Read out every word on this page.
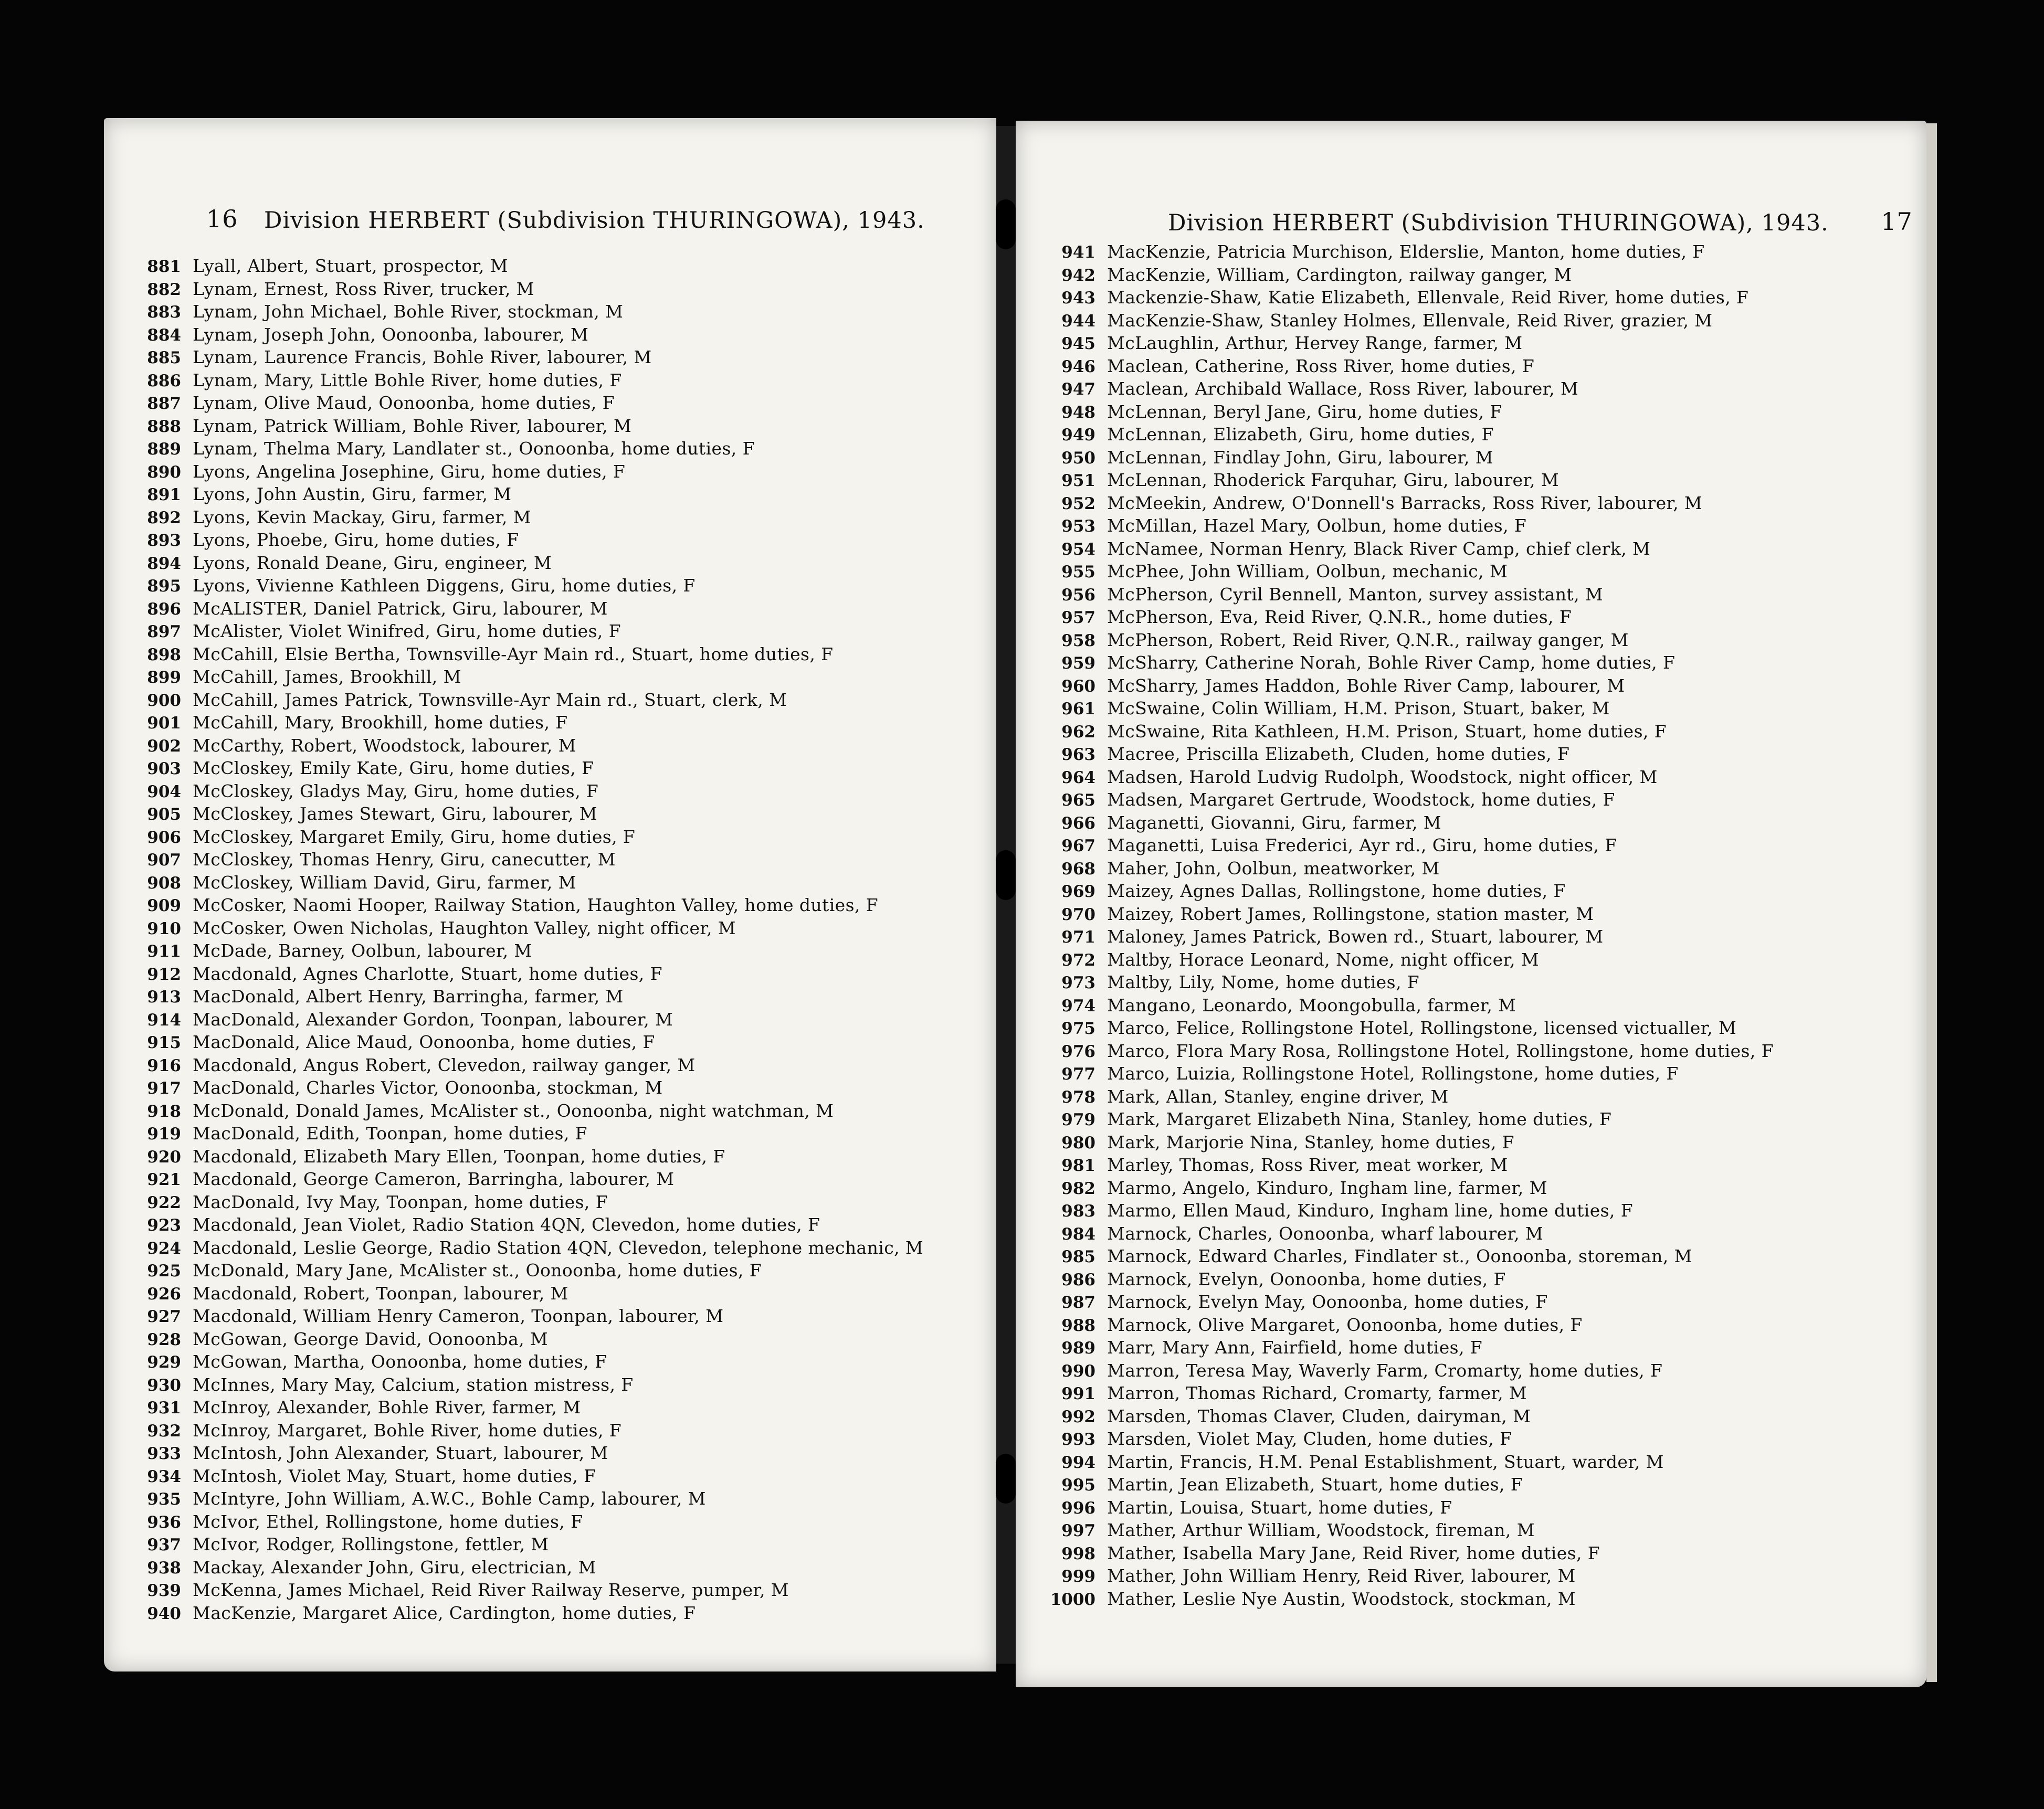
16 Division HERBERT (Subdivision THURINGOWA), 1943.
881 Lyall, Albert, Stuart, prospector, M
882 Lynam, Ernest, Ross River, trucker, M
883 Lynam, John Michael, Bohle River, stockman, M
884 Lynam, Joseph John, Oonoonba, labourer, M
885 Lynam, Laurence Francis, Bohle River, labourer, M
886 Lynam, Mary, Little Bohle River, home duties, F
887 Lynam, Olive Maud, Oonoonba, home duties, F
888 Lynam, Patrick William, Bohle River, labourer, M
889 Lynam, Thelma Mary, Landlater st., Oonoonba, home duties, F
890 Lyons, Angelina Josephine, Giru, home duties, F
891 Lyons, John Austin, Giru, farmer, M
892 Lyons, Kevin Mackay, Giru, farmer, M
893 Lyons, Phoebe, Giru, home duties, F
894 Lyons, Ronald Deane, Giru, engineer, M
895 Lyons, Vivienne Kathleen Diggens, Giru, home duties, F
896 McALISTER, Daniel Patrick, Giru, labourer, M
897 McAlister, Violet Winifred, Giru, home duties, F
898 McCahill, Elsie Bertha, Townsville-Ayr Main rd., Stuart, home duties, F
899 McCahill, James, Brookhill, M
900 McCahill, James Patrick, Townsville-Ayr Main rd., Stuart, clerk, M
901 McCahill, Mary, Brookhill, home duties, F
902 McCarthy, Robert, Woodstock, labourer, M
903 McCloskey, Emily Kate, Giru, home duties, F
904 McCloskey, Gladys May, Giru, home duties, F
905 McCloskey, James Stewart, Giru, labourer, M
906 McCloskey, Margaret Emily, Giru, home duties, F
907 McCloskey, Thomas Henry, Giru, canecutter, M
908 McCloskey, William David, Giru, farmer, M
909 McCosker, Naomi Hooper, Railway Station, Haughton Valley, home duties, F
910 McCosker, Owen Nicholas, Haughton Valley, night officer, M
911 McDade, Barney, Oolbun, labourer, M
912 Macdonald, Agnes Charlotte, Stuart, home duties, F
913 MacDonald, Albert Henry, Barringha, farmer, M
914 MacDonald, Alexander Gordon, Toonpan, labourer, M
915 MacDonald, Alice Maud, Oonoonba, home duties, F
916 Macdonald, Angus Robert, Clevedon, railway ganger, M
917 MacDonald, Charles Victor, Oonoonba, stockman, M
918 McDonald, Donald James, McAlister st., Oonoonba, night watchman, M
919 MacDonald, Edith, Toonpan, home duties, F
920 Macdonald, Elizabeth Mary Ellen, Toonpan, home duties, F
921 Macdonald, George Cameron, Barringha, labourer, M
922 MacDonald, Ivy May, Toonpan, home duties, F
923 Macdonald, Jean Violet, Radio Station 4QN, Clevedon, home duties, F
924 Macdonald, Leslie George, Radio Station 4QN, Clevedon, telephone mechanic, M
925 McDonald, Mary Jane, McAlister st., Oonoonba, home duties, F
926 Macdonald, Robert, Toonpan, labourer, M
927 Macdonald, William Henry Cameron, Toonpan, labourer, M
928 McGowan, George David, Oonoonba, M
929 McGowan, Martha, Oonoonba, home duties, F
930 McInnes, Mary May, Calcium, station mistress, F
931 McInroy, Alexander, Bohle River, farmer, M
932 McInroy, Margaret, Bohle River, home duties, F
933 McIntosh, John Alexander, Stuart, labourer, M
934 McIntosh, Violet May, Stuart, home duties, F
935 McIntyre, John William, A.W.C., Bohle Camp, labourer, M
936 McIvor, Ethel, Rollingstone, home duties, F
937 McIvor, Rodger, Rollingstone, fettler, M
938 Mackay, Alexander John, Giru, electrician, M
939 McKenna, James Michael, Reid River Railway Reserve, pumper, M
940 MacKenzie, Margaret Alice, Cardington, home duties, F
Division HERBERT (Subdivision THURINGOWA), 1943. 17
941 MacKenzie, Patricia Murchison, Elderslie, Manton, home duties, F
942 MacKenzie, William, Cardington, railway ganger, M
943 Mackenzie-Shaw, Katie Elizabeth, Ellenvale, Reid River, home duties, F
944 MacKenzie-Shaw, Stanley Holmes, Ellenvale, Reid River, grazier, M
945 McLaughlin, Arthur, Hervey Range, farmer, M
946 Maclean, Catherine, Ross River, home duties, F
947 Maclean, Archibald Wallace, Ross River, labourer, M
948 McLennan, Beryl Jane, Giru, home duties, F
949 McLennan, Elizabeth, Giru, home duties, F
950 McLennan, Findlay John, Giru, labourer, M
951 McLennan, Rhoderick Farquhar, Giru, labourer, M
952 McMeekin, Andrew, O'Donnell's Barracks, Ross River, labourer, M
953 McMillan, Hazel Mary, Oolbun, home duties, F
954 McNamee, Norman Henry, Black River Camp, chief clerk, M
955 McPhee, John William, Oolbun, mechanic, M
956 McPherson, Cyril Bennell, Manton, survey assistant, M
957 McPherson, Eva, Reid River, Q.N.R., home duties, F
958 McPherson, Robert, Reid River, Q.N.R., railway ganger, M
959 McSharry, Catherine Norah, Bohle River Camp, home duties, F
960 McSharry, James Haddon, Bohle River Camp, labourer, M
961 McSwaine, Colin William, H.M. Prison, Stuart, baker, M
962 McSwaine, Rita Kathleen, H.M. Prison, Stuart, home duties, F
963 Macree, Priscilla Elizabeth, Cluden, home duties, F
964 Madsen, Harold Ludvig Rudolph, Woodstock, night officer, M
965 Madsen, Margaret Gertrude, Woodstock, home duties, F
966 Maganetti, Giovanni, Giru, farmer, M
967 Maganetti, Luisa Frederici, Ayr rd., Giru, home duties, F
968 Maher, John, Oolbun, meatworker, M
969 Maizey, Agnes Dallas, Rollingstone, home duties, F
970 Maizey, Robert James, Rollingstone, station master, M
971 Maloney, James Patrick, Bowen rd., Stuart, labourer, M
972 Maltby, Horace Leonard, Nome, night officer, M
973 Maltby, Lily, Nome, home duties, F
974 Mangano, Leonardo, Moongobulla, farmer, M
975 Marco, Felice, Rollingstone Hotel, Rollingstone, licensed victualler, M
976 Marco, Flora Mary Rosa, Rollingstone Hotel, Rollingstone, home duties, F
977 Marco, Luizia, Rollingstone Hotel, Rollingstone, home duties, F
978 Mark, Allan, Stanley, engine driver, M
979 Mark, Margaret Elizabeth Nina, Stanley, home duties, F
980 Mark, Marjorie Nina, Stanley, home duties, F
981 Marley, Thomas, Ross River, meat worker, M
982 Marmo, Angelo, Kinduro, Ingham line, farmer, M
983 Marmo, Ellen Maud, Kinduro, Ingham line, home duties, F
984 Marnock, Charles, Oonoonba, wharf labourer, M
985 Marnock, Edward Charles, Findlater st., Oonoonba, storeman, M
986 Marnock, Evelyn, Oonoonba, home duties, F
987 Marnock, Evelyn May, Oonoonba, home duties, F
988 Marnock, Olive Margaret, Oonoonba, home duties, F
989 Marr, Mary Ann, Fairfield, home duties, F
990 Marron, Teresa May, Waverly Farm, Cromarty, home duties, F
991 Marron, Thomas Richard, Cromarty, farmer, M
992 Marsden, Thomas Claver, Cluden, dairyman, M
993 Marsden, Violet May, Cluden, home duties, F
994 Martin, Francis, H.M. Penal Establishment, Stuart, warder, M
995 Martin, Jean Elizabeth, Stuart, home duties, F
996 Martin, Louisa, Stuart, home duties, F
997 Mather, Arthur William, Woodstock, fireman, M
998 Mather, Isabella Mary Jane, Reid River, home duties, F
999 Mather, John William Henry, Reid River, labourer, M
1000 Mather, Leslie Nye Austin, Woodstock, stockman, M
